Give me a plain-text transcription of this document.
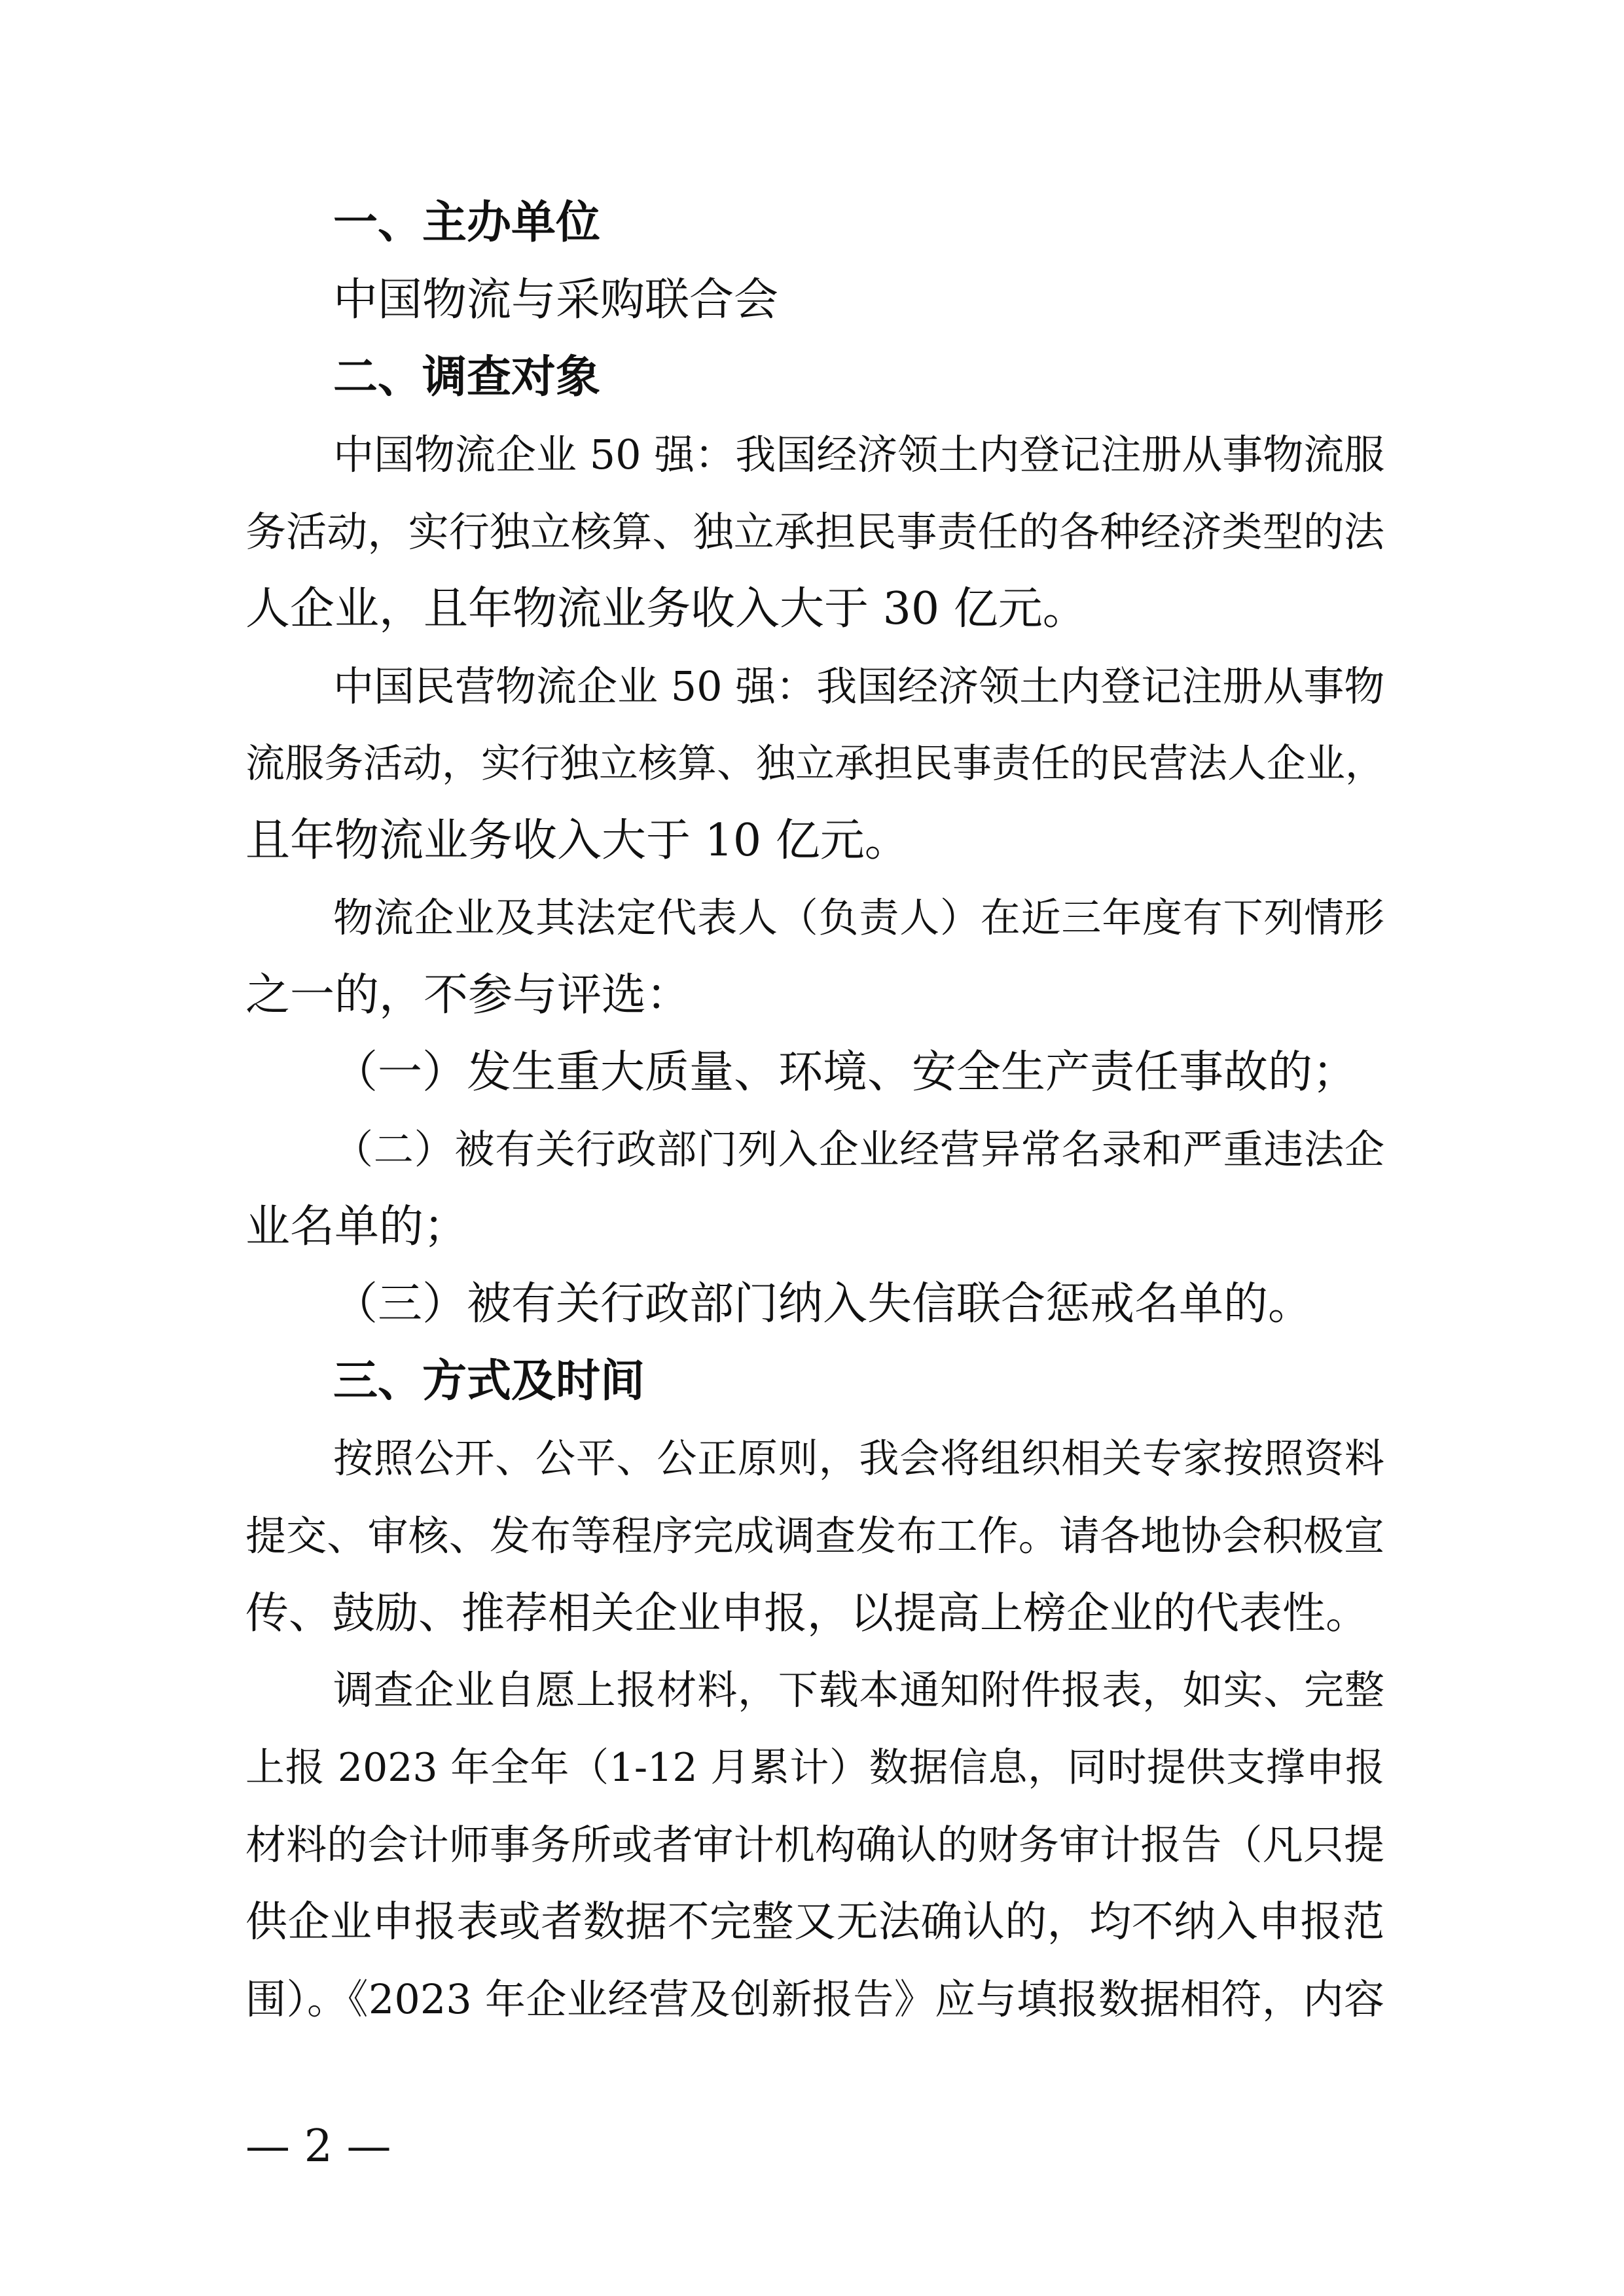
一、主办单位
中国物流与采购联合会
二、调查对象
中国物流企业 50 强：我国经济领土内登记注册从事物流服
务活动，实行独立核算、独立承担民事责任的各种经济类型的法
人企业，且年物流业务收入大于 30 亿元。
中国民营物流企业 50 强：我国经济领土内登记注册从事物
流服务活动，实行独立核算、独立承担民事责任的民营法人企业，
且年物流业务收入大于 10 亿元。
物流企业及其法定代表人（负责人）在近三年度有下列情形
之一的，不参与评选：
（一）发生重大质量、环境、安全生产责任事故的；
（二）被有关行政部门列入企业经营异常名录和严重违法企
业名单的；
（三）被有关行政部门纳入失信联合惩戒名单的。
三、方式及时间
按照公开、公平、公正原则，我会将组织相关专家按照资料
提交、审核、发布等程序完成调查发布工作。请各地协会积极宣
传、鼓励、推荐相关企业申报，以提高上榜企业的代表性。
调查企业自愿上报材料，下载本通知附件报表，如实、完整
上报 2023 年全年（1-12 月累计）数据信息，同时提供支撑申报
材料的会计师事务所或者审计机构确认的财务审计报告（凡只提
供企业申报表或者数据不完整又无法确认的，均不纳入申报范
围）。《2023 年企业经营及创新报告》应与填报数据相符，内容
— 2 —
